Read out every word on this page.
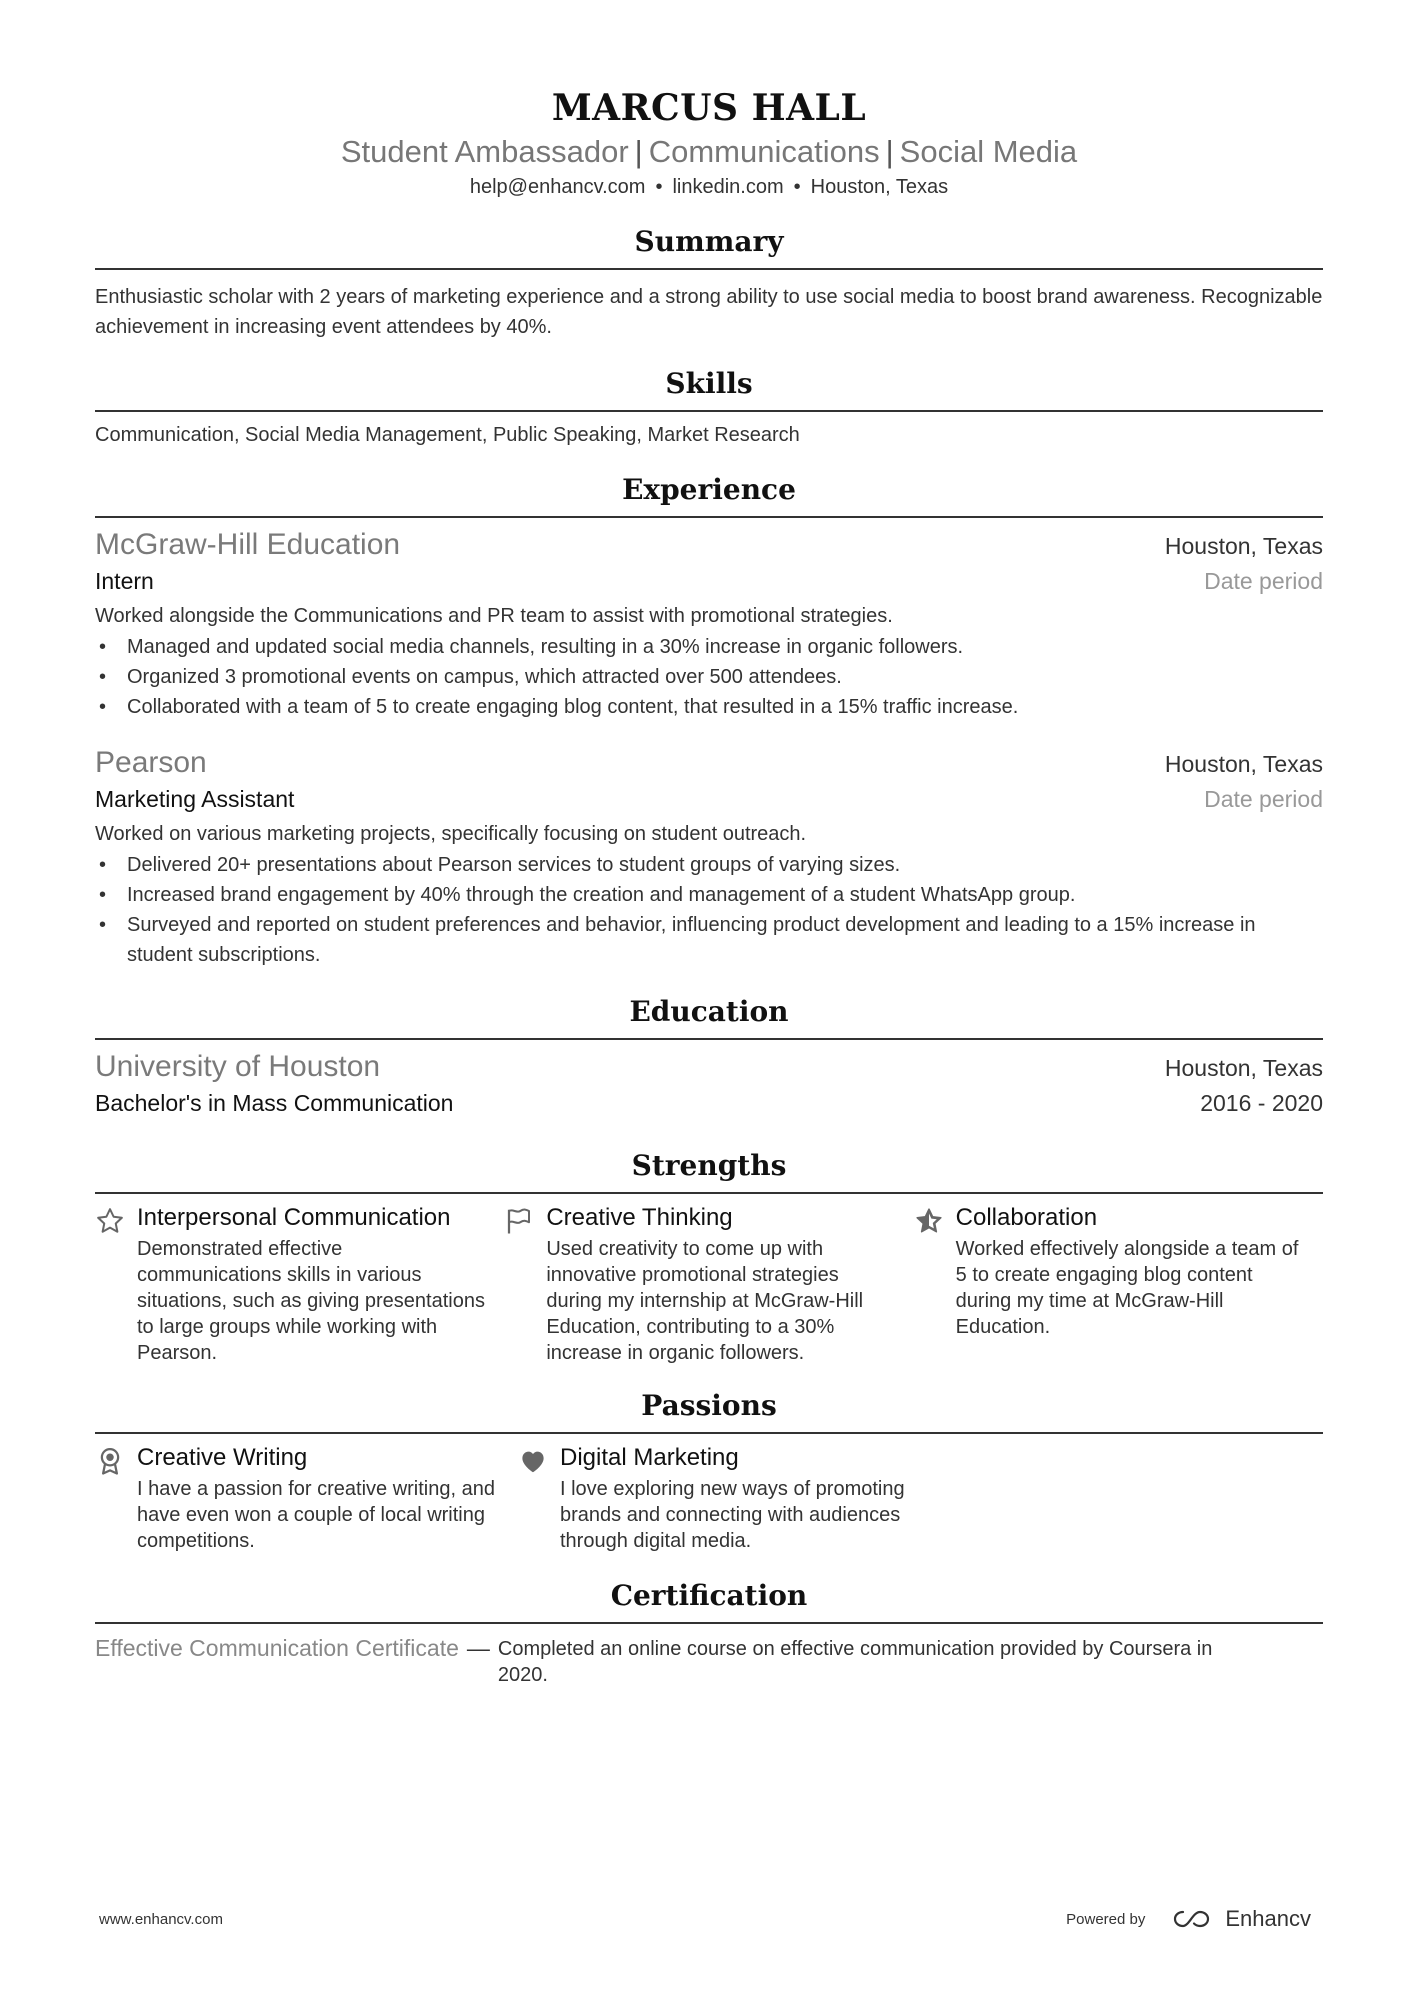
MARCUS HALL
Student Ambassador | Communications | Social Media
help@enhancv.com • linkedin.com • Houston, Texas
Summary
Enthusiastic scholar with 2 years of marketing experience and a strong ability to use social media to boost brand awareness. Recognizable achievement in increasing event attendees by 40%.
Skills
Communication, Social Media Management, Public Speaking, Market Research
Experience
McGraw-Hill Education	Houston, Texas
Intern	Date period
Worked alongside the Communications and PR team to assist with promotional strategies.
• Managed and updated social media channels, resulting in a 30% increase in organic followers.
• Organized 3 promotional events on campus, which attracted over 500 attendees.
• Collaborated with a team of 5 to create engaging blog content, that resulted in a 15% traffic increase.
Pearson	Houston, Texas
Marketing Assistant	Date period
Worked on various marketing projects, specifically focusing on student outreach.
• Delivered 20+ presentations about Pearson services to student groups of varying sizes.
• Increased brand engagement by 40% through the creation and management of a student WhatsApp group.
• Surveyed and reported on student preferences and behavior, influencing product development and leading to a 15% increase in student subscriptions.
Education
University of Houston	Houston, Texas
Bachelor's in Mass Communication	2016 - 2020
Strengths
Interpersonal Communication
Demonstrated effective communications skills in various situations, such as giving presentations to large groups while working with Pearson.
Creative Thinking
Used creativity to come up with innovative promotional strategies during my internship at McGraw-Hill Education, contributing to a 30% increase in organic followers.
Collaboration
Worked effectively alongside a team of 5 to create engaging blog content during my time at McGraw-Hill Education.
Passions
Creative Writing
I have a passion for creative writing, and have even won a couple of local writing competitions.
Digital Marketing
I love exploring new ways of promoting brands and connecting with audiences through digital media.
Certification
Effective Communication Certificate — Completed an online course on effective communication provided by Coursera in 2020.
www.enhancv.com	Powered by	Enhancv
